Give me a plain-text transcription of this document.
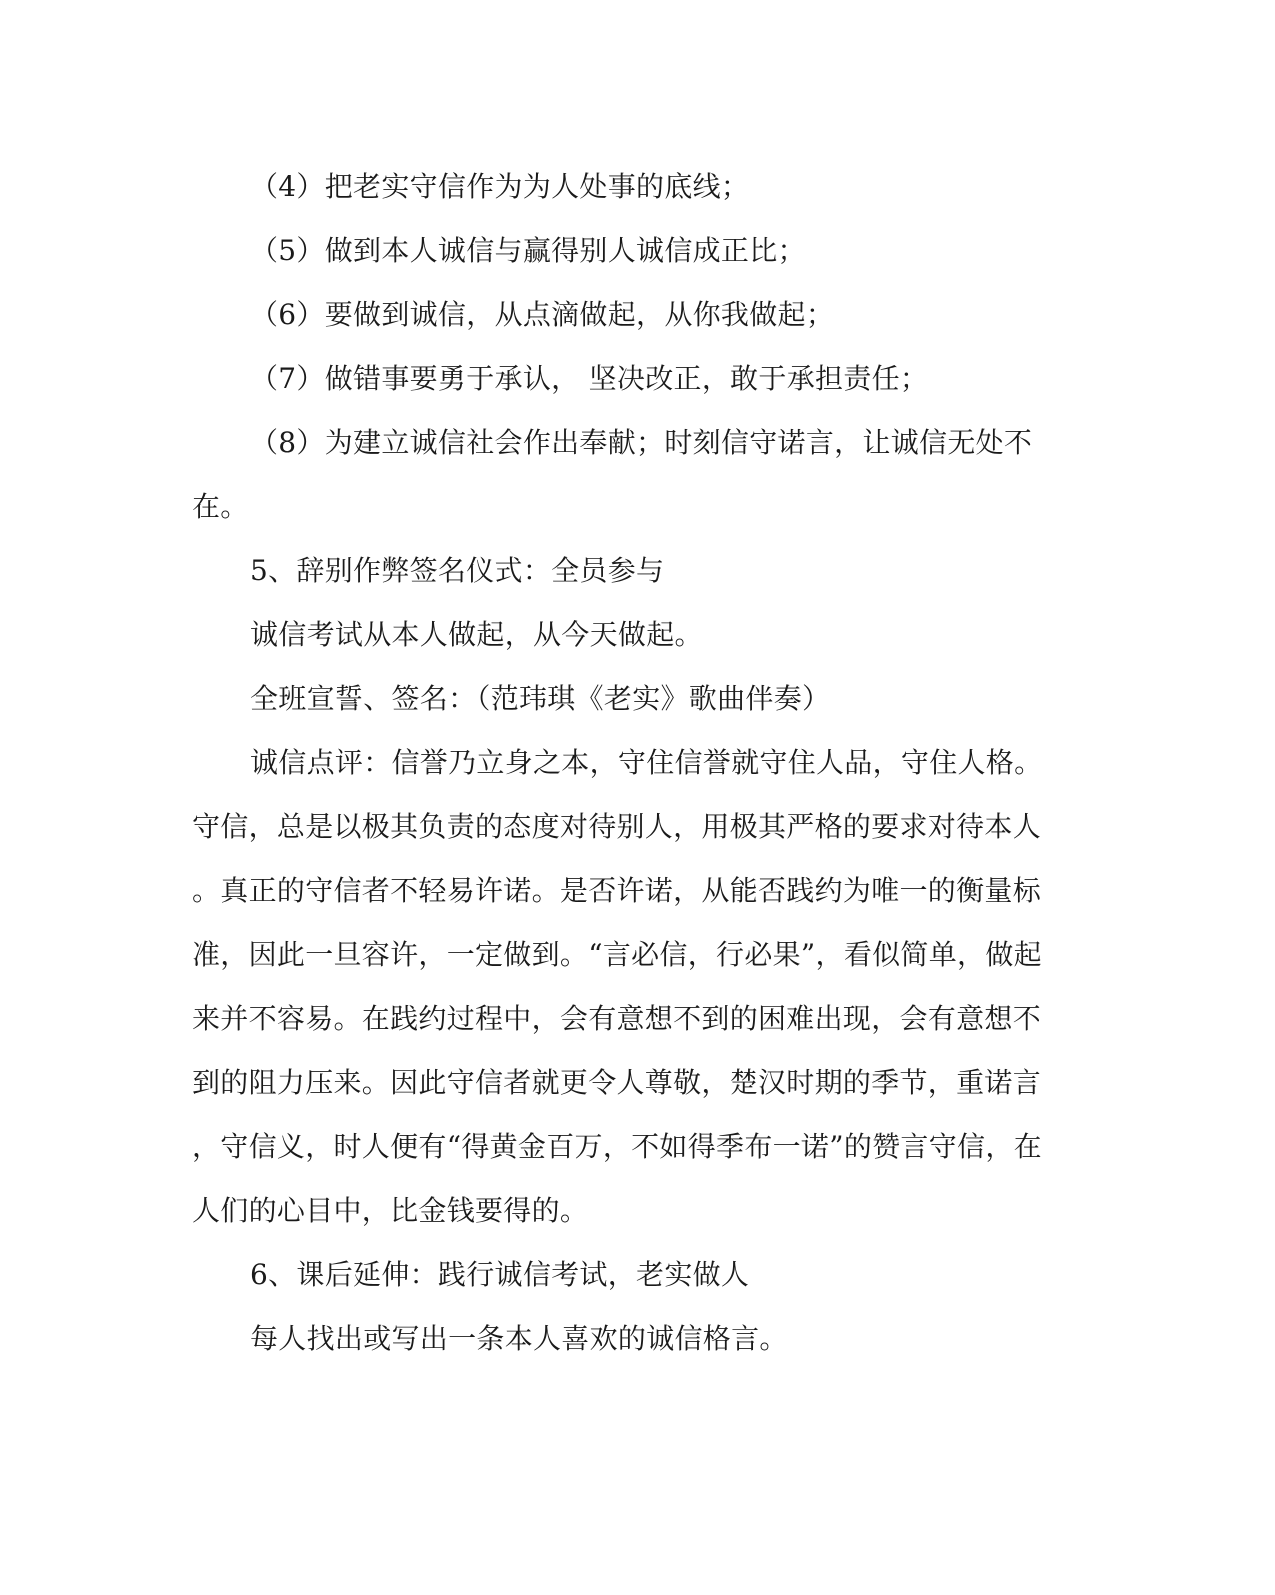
（4）把老实守信作为为人处事的底线；
（5）做到本人诚信与赢得别人诚信成正比；
（6）要做到诚信，从点滴做起，从你我做起；
（7）做错事要勇于承认， 坚决改正，敢于承担责任；
（8）为建立诚信社会作出奉献；时刻信守诺言，让诚信无处不
在。
5、辞别作弊签名仪式：全员参与
诚信考试从本人做起，从今天做起。
全班宣誓、签名：（范玮琪《老实》歌曲伴奏）
诚信点评：信誉乃立身之本，守住信誉就守住人品，守住人格。
守信，总是以极其负责的态度对待别人，用极其严格的要求对待本人
。真正的守信者不轻易许诺。是否许诺，从能否践约为唯一的衡量标
准，因此一旦容许，一定做到。“言必信，行必果”，看似简单，做起
来并不容易。在践约过程中，会有意想不到的困难出现，会有意想不
到的阻力压来。因此守信者就更令人尊敬，楚汉时期的季节，重诺言
，守信义，时人便有“得黄金百万，不如得季布一诺”的赞言守信，在
人们的心目中，比金钱要得的。
6、课后延伸：践行诚信考试，老实做人
每人找出或写出一条本人喜欢的诚信格言。
